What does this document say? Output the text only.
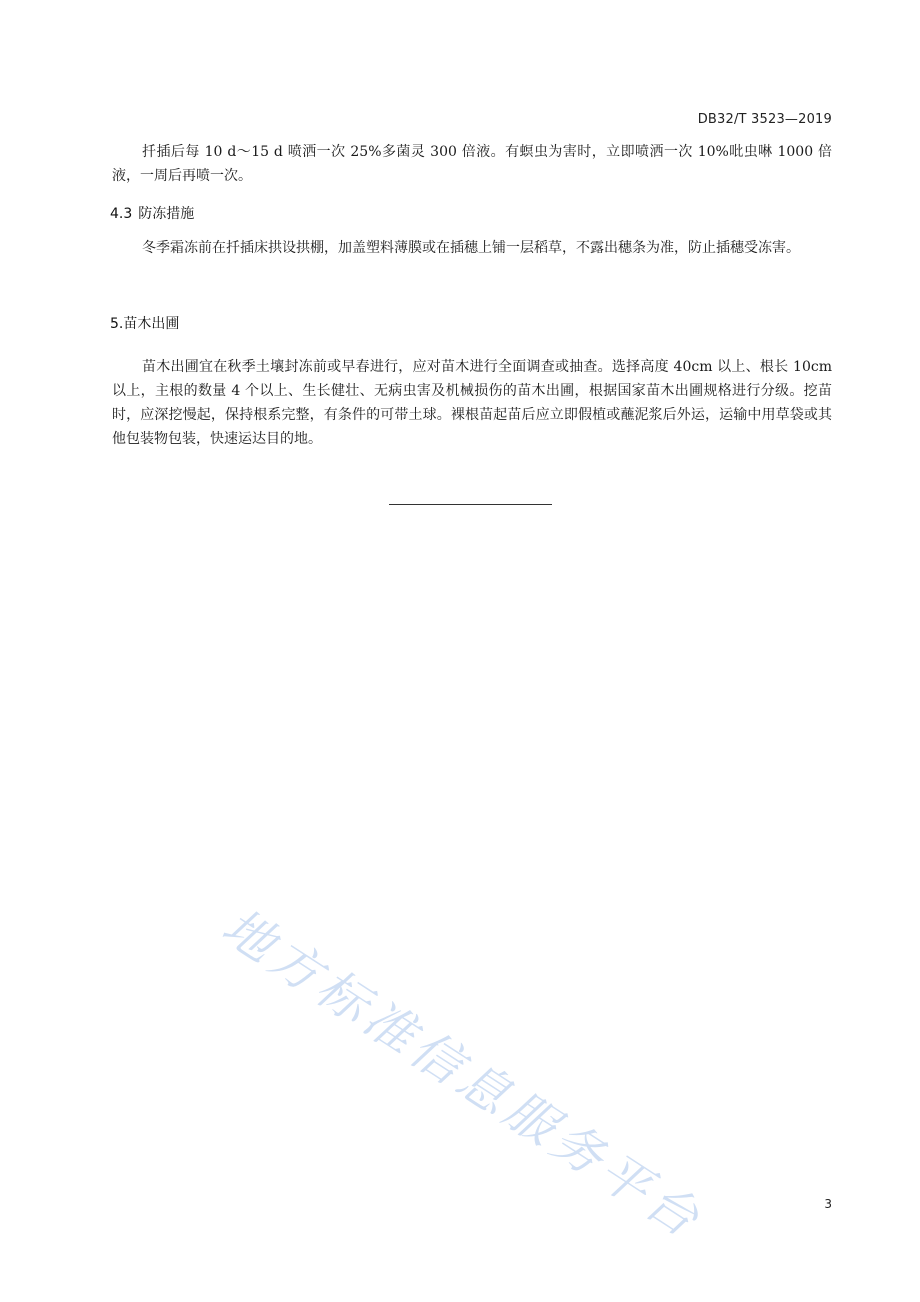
DB32/T 3523—2019

扦插后每 10 d～15 d 喷洒一次 25%多菌灵 300 倍液。有螟虫为害时，立即喷洒一次 10%吡虫啉 1000 倍液，一周后再喷一次。

4.3 防冻措施

冬季霜冻前在扦插床拱设拱棚，加盖塑料薄膜或在插穗上铺一层稻草，不露出穗条为准，防止插穗受冻害。

5.苗木出圃

苗木出圃宜在秋季土壤封冻前或早春进行，应对苗木进行全面调查或抽查。选择高度 40cm 以上、根长 10cm 以上，主根的数量 4 个以上、生长健壮、无病虫害及机械损伤的苗木出圃，根据国家苗木出圃规格进行分级。挖苗时，应深挖慢起，保持根系完整，有条件的可带土球。裸根苗起苗后应立即假植或蘸泥浆后外运，运输中用草袋或其他包装物包装，快速运达目的地。

地方标准信息服务平台	3
